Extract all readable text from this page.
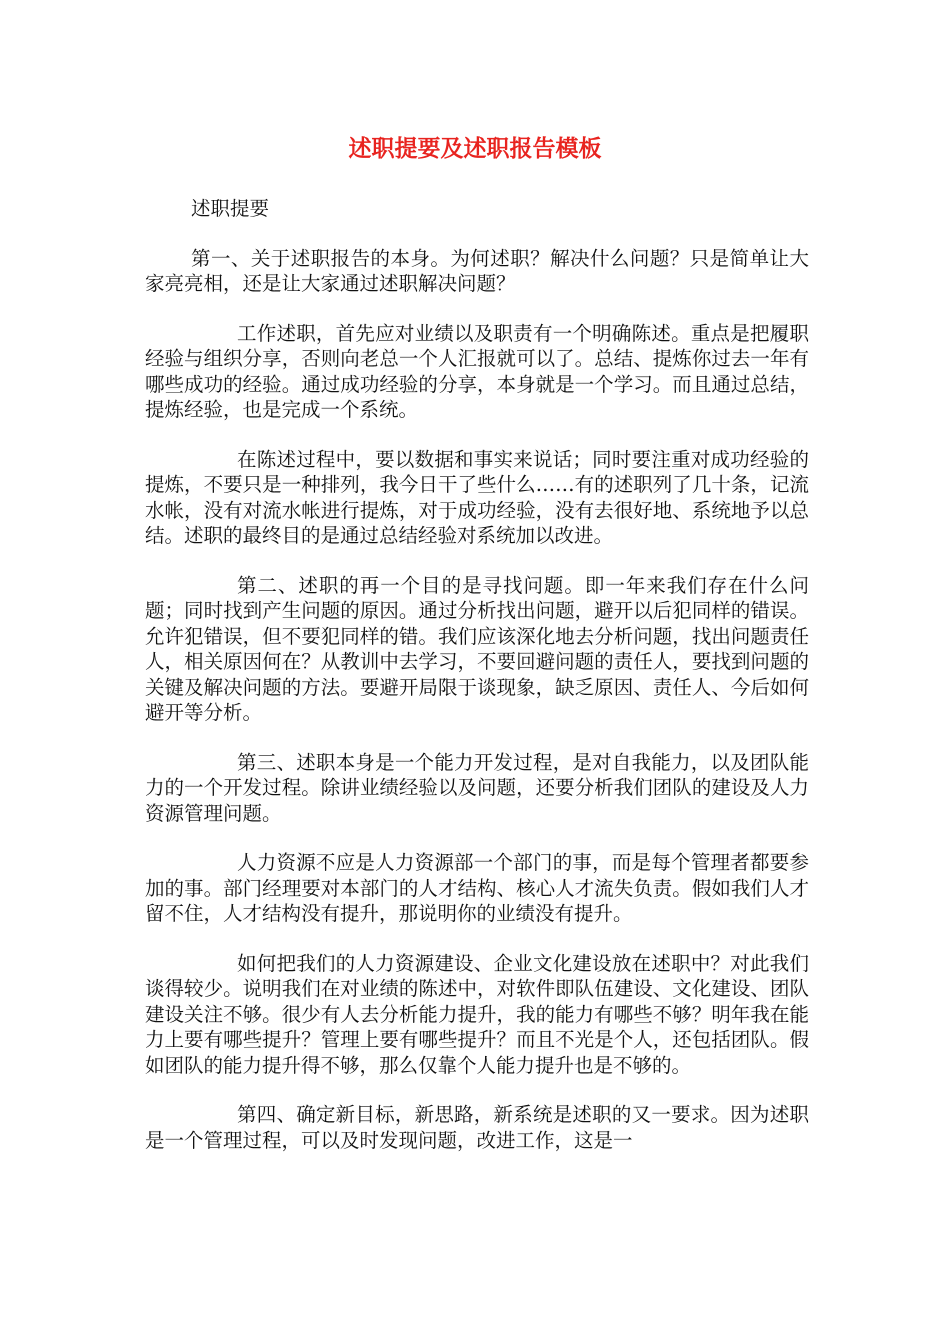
述职提要及述职报告模板

述职提要

第一、关于述职报告的本身。为何述职？解决什么问题？只是简单让大家亮亮相，还是让大家通过述职解决问题？

工作述职，首先应对业绩以及职责有一个明确陈述。重点是把履职经验与组织分享，否则向老总一个人汇报就可以了。总结、提炼你过去一年有哪些成功的经验。通过成功经验的分享，本身就是一个学习。而且通过总结，提炼经验，也是完成一个系统。

在陈述过程中，要以数据和事实来说话；同时要注重对成功经验的提炼，不要只是一种排列，我今日干了些什么……有的述职列了几十条，记流水帐，没有对流水帐进行提炼，对于成功经验，没有去很好地、系统地予以总结。述职的最终目的是通过总结经验对系统加以改进。

第二、述职的再一个目的是寻找问题。即一年来我们存在什么问题；同时找到产生问题的原因。通过分析找出问题，避开以后犯同样的错误。允许犯错误，但不要犯同样的错。我们应该深化地去分析问题，找出问题责任人，相关原因何在？从教训中去学习，不要回避问题的责任人，要找到问题的关键及解决问题的方法。要避开局限于谈现象，缺乏原因、责任人、今后如何避开等分析。

第三、述职本身是一个能力开发过程，是对自我能力，以及团队能力的一个开发过程。除讲业绩经验以及问题，还要分析我们团队的建设及人力资源管理问题。

人力资源不应是人力资源部一个部门的事，而是每个管理者都要参加的事。部门经理要对本部门的人才结构、核心人才流失负责。假如我们人才留不住，人才结构没有提升，那说明你的业绩没有提升。

如何把我们的人力资源建设、企业文化建设放在述职中？对此我们谈得较少。说明我们在对业绩的陈述中，对软件即队伍建设、文化建设、团队建设关注不够。很少有人去分析能力提升，我的能力有哪些不够？明年我在能力上要有哪些提升？管理上要有哪些提升？而且不光是个人，还包括团队。假如团队的能力提升得不够，那么仅靠个人能力提升也是不够的。

第四、确定新目标，新思路，新系统是述职的又一要求。因为述职是一个管理过程，可以及时发现问题，改进工作，这是一
